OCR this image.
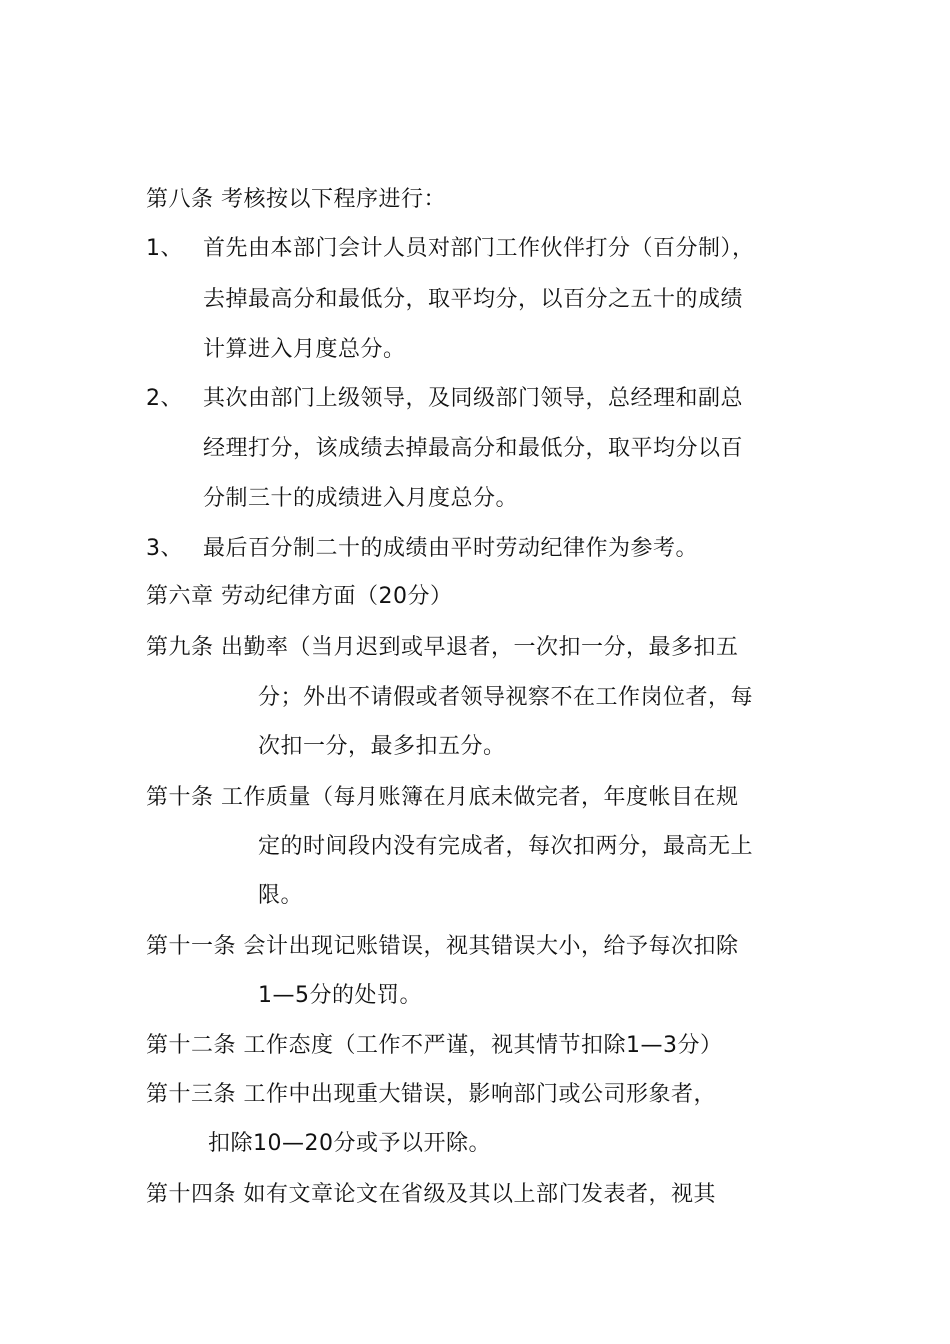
第八条 考核按以下程序进行：
1、 首先由本部门会计人员对部门工作伙伴打分（百分制），
去掉最高分和最低分，取平均分，以百分之五十的成绩
计算进入月度总分。
2、 其次由部门上级领导，及同级部门领导，总经理和副总
经理打分，该成绩去掉最高分和最低分，取平均分以百
分制三十的成绩进入月度总分。
3、 最后百分制二十的成绩由平时劳动纪律作为参考。
第六章 劳动纪律方面（20分）
第九条 出勤率（当月迟到或早退者，一次扣一分，最多扣五
分；外出不请假或者领导视察不在工作岗位者，每
次扣一分，最多扣五分。
第十条 工作质量（每月账簿在月底未做完者，年度帐目在规
定的时间段内没有完成者，每次扣两分，最高无上
限。
第十一条 会计出现记账错误，视其错误大小，给予每次扣除
1—5分的处罚。
第十二条 工作态度（工作不严谨，视其情节扣除1—3分）
第十三条 工作中出现重大错误，影响部门或公司形象者，
扣除10—20分或予以开除。
第十四条 如有文章论文在省级及其以上部门发表者，视其
